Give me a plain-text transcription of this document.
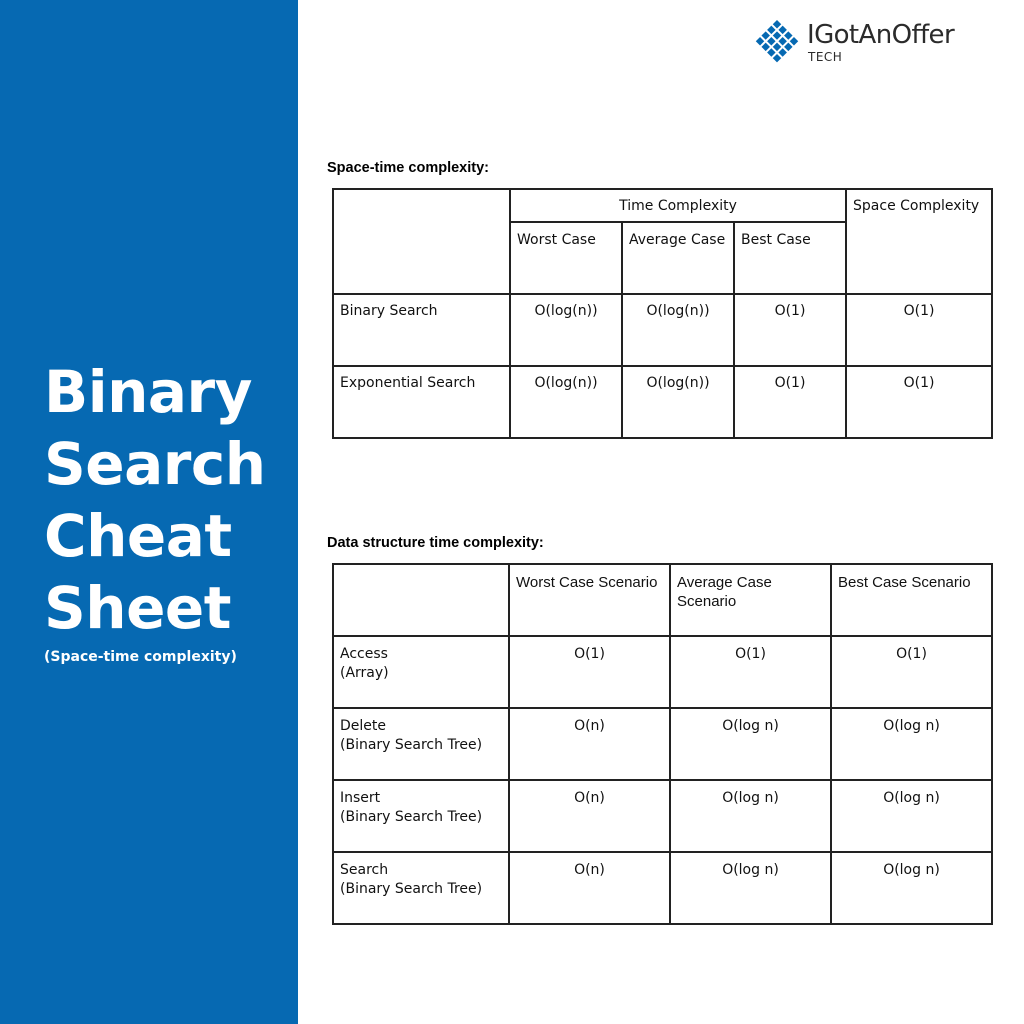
Binary
Search
Cheat
Sheet
(Space-time complexity)
IGotAnOffer
TECH
Space-time complexity:
	Time Complexity			Space Complexity
	Worst Case	Average Case	Best Case	
Binary Search	O(log(n))	O(log(n))	O(1)	O(1)
Exponential Search	O(log(n))	O(log(n))	O(1)	O(1)
Data structure time complexity:
	Worst Case Scenario	Average Case Scenario	Best Case Scenario

Access
(Array)	O(1)	O(1)	O(1)

Delete
(Binary Search Tree)	O(n)	O(log n)	O(log n)

Insert
(Binary Search Tree)	O(n)	O(log n)	O(log n)

Search
(Binary Search Tree)	O(n)	O(log n)	O(log n)
